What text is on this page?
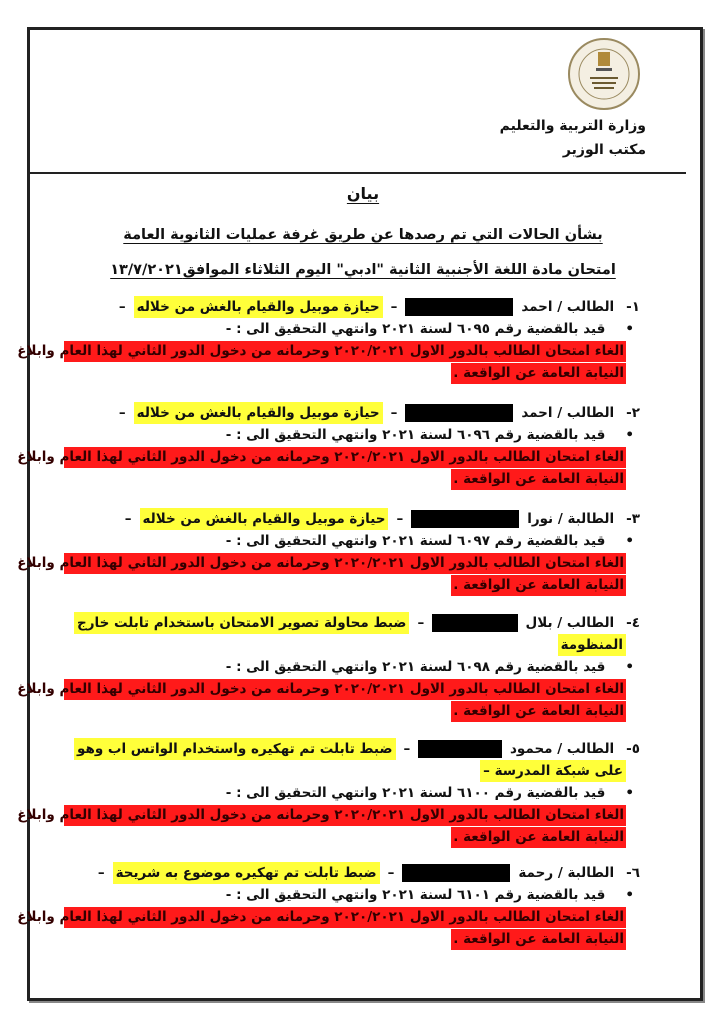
وزارة التربية والتعليم
مكتب الوزير
بيان
بشأن الحالات التي تم رصدها عن طريق غرفة عمليات الثانوية العامة
امتحان مادة اللغة الأجنبية الثانية "ادبي" اليوم الثلاثاء الموافق١٣/٧/٢٠٢١
١-
الطالب / احمد
–
حيازة موبيل والقيام بالغش من خلاله
–
• قيد بالقضية رقم ٦٠٩٥ لسنة ٢٠٢١ وانتهي التحقيق الى : -
الغاء امتحان الطالب بالدور الاول ٢٠٢٠/٢٠٢١ وحرمانه من دخول الدور الثاني لهذا العام وابلاغ
النيابة العامة عن الواقعة .
٢-
الطالب / احمد
–
حيازة موبيل والقيام بالغش من خلاله
–
• قيد بالقضية رقم ٦٠٩٦ لسنة ٢٠٢١ وانتهي التحقيق الى : -
الغاء امتحان الطالب بالدور الاول ٢٠٢٠/٢٠٢١ وحرمانه من دخول الدور الثاني لهذا العام وابلاغ
النيابة العامة عن الواقعة .
٣-
الطالبة / نورا
–
حيازة موبيل والقيام بالغش من خلاله
–
• قيد بالقضية رقم ٦٠٩٧ لسنة ٢٠٢١ وانتهي التحقيق الى : -
الغاء امتحان الطالب بالدور الاول ٢٠٢٠/٢٠٢١ وحرمانه من دخول الدور الثاني لهذا العام وابلاغ
النيابة العامة عن الواقعة .
٤-
الطالب / بلال
–
ضبط محاولة تصوير الامتحان باستخدام تابلت خارج
المنظومة
• قيد بالقضية رقم ٦٠٩٨ لسنة ٢٠٢١ وانتهي التحقيق الى : -
الغاء امتحان الطالب بالدور الاول ٢٠٢٠/٢٠٢١ وحرمانه من دخول الدور الثاني لهذا العام وابلاغ
النيابة العامة عن الواقعة .
٥-
الطالب / محمود
–
ضبط تابلت تم تهكيره واستخدام الواتس اب وهو
على شبكة المدرسة –
• قيد بالقضية رقم ٦١٠٠ لسنة ٢٠٢١ وانتهي التحقيق الى : -
الغاء امتحان الطالب بالدور الاول ٢٠٢٠/٢٠٢١ وحرمانه من دخول الدور الثاني لهذا العام وابلاغ
النيابة العامة عن الواقعة .
٦-
الطالبة / رحمة
–
ضبط تابلت تم تهكيره موضوع به شريحة
–
• قيد بالقضية رقم ٦١٠١ لسنة ٢٠٢١ وانتهي التحقيق الى : -
الغاء امتحان الطالب بالدور الاول ٢٠٢٠/٢٠٢١ وحرمانه من دخول الدور الثاني لهذا العام وابلاغ
النيابة العامة عن الواقعة .
